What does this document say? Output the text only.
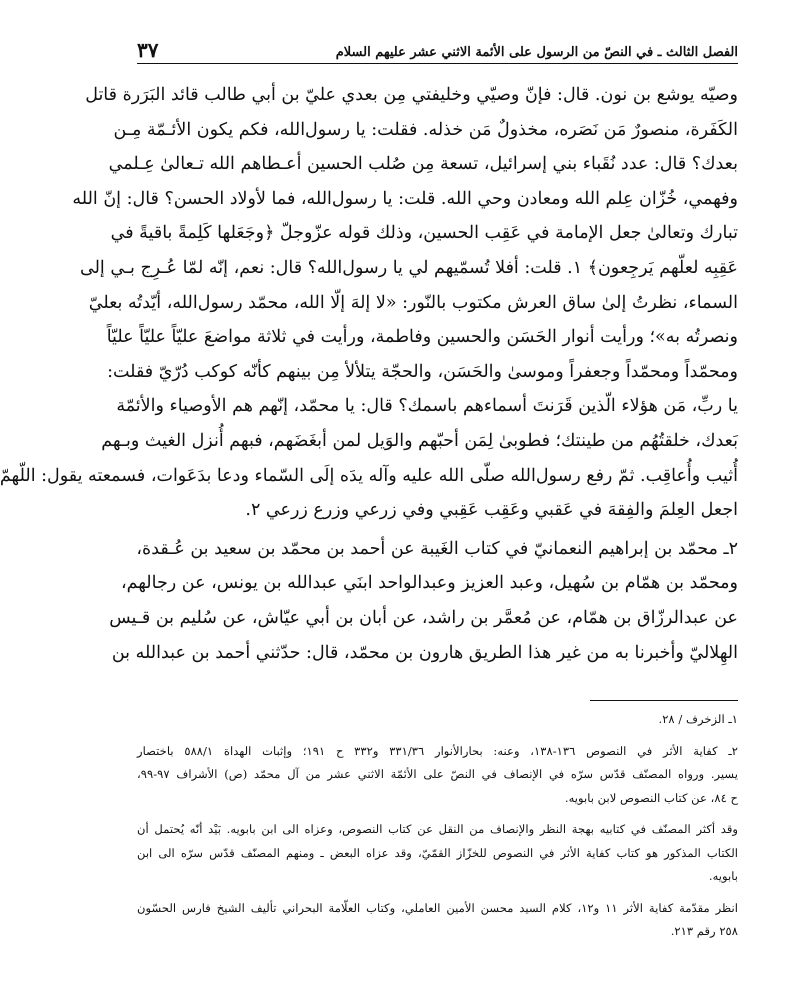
الفصل الثالث ـ في النصّ من الرسول على الأئمة الاثني عشر عليهم السلام
٣٧

وصيّه يوشع بن نون. قال: فإنّ وصيّي وخليفتي مِن بعدي عليّ بن أبي طالب قائد البَرَرة قاتل

الكَفَرة، منصورٌ مَن نَصَره، مخذولٌ مَن خذله. فقلت: يا رسول‌الله، فكم يكون الأئـمّة مِـن

بعدك؟ قال: عدد نُقَباء بني إسرائيل، تسعة مِن صُلب الحسين أعـطاهم الله تـعالىٰ عِـلمي

وفهمي، خُزّان عِلم الله ومعادن وحي الله. قلت: يا رسول‌الله، فما لأولاد الحسن؟ قال: إنّ الله

تبارك وتعالىٰ جعل الإمامة في عَقِب الحسين، وذلك قوله عزّوجلّ ﴿وجَعَلها كَلِمةً باقيةً في

عَقِبِه لعلّهم يَرجِعون﴾ ١. قلت: أفلا تُسمّيهم لي يا رسول‌الله؟ قال: نعم، إنّه لمّا عُـرِج بـي إلى

السماء، نظرتُ إلىٰ ساق العرش مكتوب بالنّور: «لا إلهَ إلّا الله، محمّد رسول‌الله، أيّدتُه بعليّ

ونصرتُه به»؛ ورأيت أنوار الحَسَن والحسين وفاطمة، ورأيت في ثلاثة مواضعَ عليّاً عليّاً عليّاً

ومحمّداً ومحمّداً وجعفراً وموسىٰ والحَسَن، والحجّة يتلألأ مِن بينهم كأنّه كوكب دُرّيّ فقلت:

يا ربِّ، مَن هؤلاء الّذين قَرَنتَ أسماءهم باسمك؟ قال: يا محمّد، إنّهم هم الأوصياء والأئمّة

بَعدك، خلقتُهُم من طينتك؛ فطوبىٰ لِمَن أحبّهم والوَيل لمن أبغَضَهم، فبهم أُنزل الغيث وبـهم

أُثيب وأُعاقِب. ثمّ رفع رسول‌الله صلّى الله عليه وآله يدَه إلَى السّماء ودعا بدَعَوات، فسمعته يقول: اللّهمّ

اجعل العِلمَ والفِقهَ في عَقبي وعَقِب عَقِبي وفي زرعي وزرع زرعي ٢.

٢ـ محمّد بن إبراهيم النعمانيّ في كتاب الغَيبة عن أحمد بن محمّد بن سعيد بن عُـقدة،

ومحمّد بن همّام بن سُهيل، وعبد العزيز وعبدالواحد ابنَي عبدالله بن يونس، عن رجالهم،

عن عبدالرزّاق بن همّام، عن مُعمَّر بن راشد، عن أبان بن أبي عيّاش، عن سُليم بن قـيس

الهِلاليّ وأخبرنا به من غير هذا الطريق هارون بن محمّد، قال: حدّثني أحمد بن عبدالله بن

١ـ الزخرف / ٢٨.

٢ـ كفاية الأثر في النصوص ١٣٦-١٣٨، وعنه: بحارالأنوار ٣٣١/٣٦ و٣٣٢ ح ١٩١؛ وإثبات الهداة ٥٨٨/١ باختصار

يسير. ورواه المصنّف قدّس سرّه في الإنصاف في النصّ على الأئمّة الاثني عشر من آل محمّد (ص) الأشراف ٩٧-٩٩،

ح ٨٤، عن كتاب النصوص لابن بابويه.

وقد أكثر المصنّف في كتابيه بهجة النظر والإنصاف من النقل عن كتاب النصوص، وعزاه الى ابن بابويه. بَيْد أنّه يُحتمل أن

الكتاب المذكور هو كتاب كفاية الأثر في النصوص للخزّاز القمّيّ، وقد عزاه البعض ـ ومنهم المصنّف قدّس سرّه الى ابن

بابويه.

انظر مقدّمة كفاية الأثر ١١ و١٢، كلام السيد محسن الأمين العاملي، وكتاب العلّامة البحراني تأليف الشيخ فارس الحسّون

٢٥٨ رقم ٢١٣.
